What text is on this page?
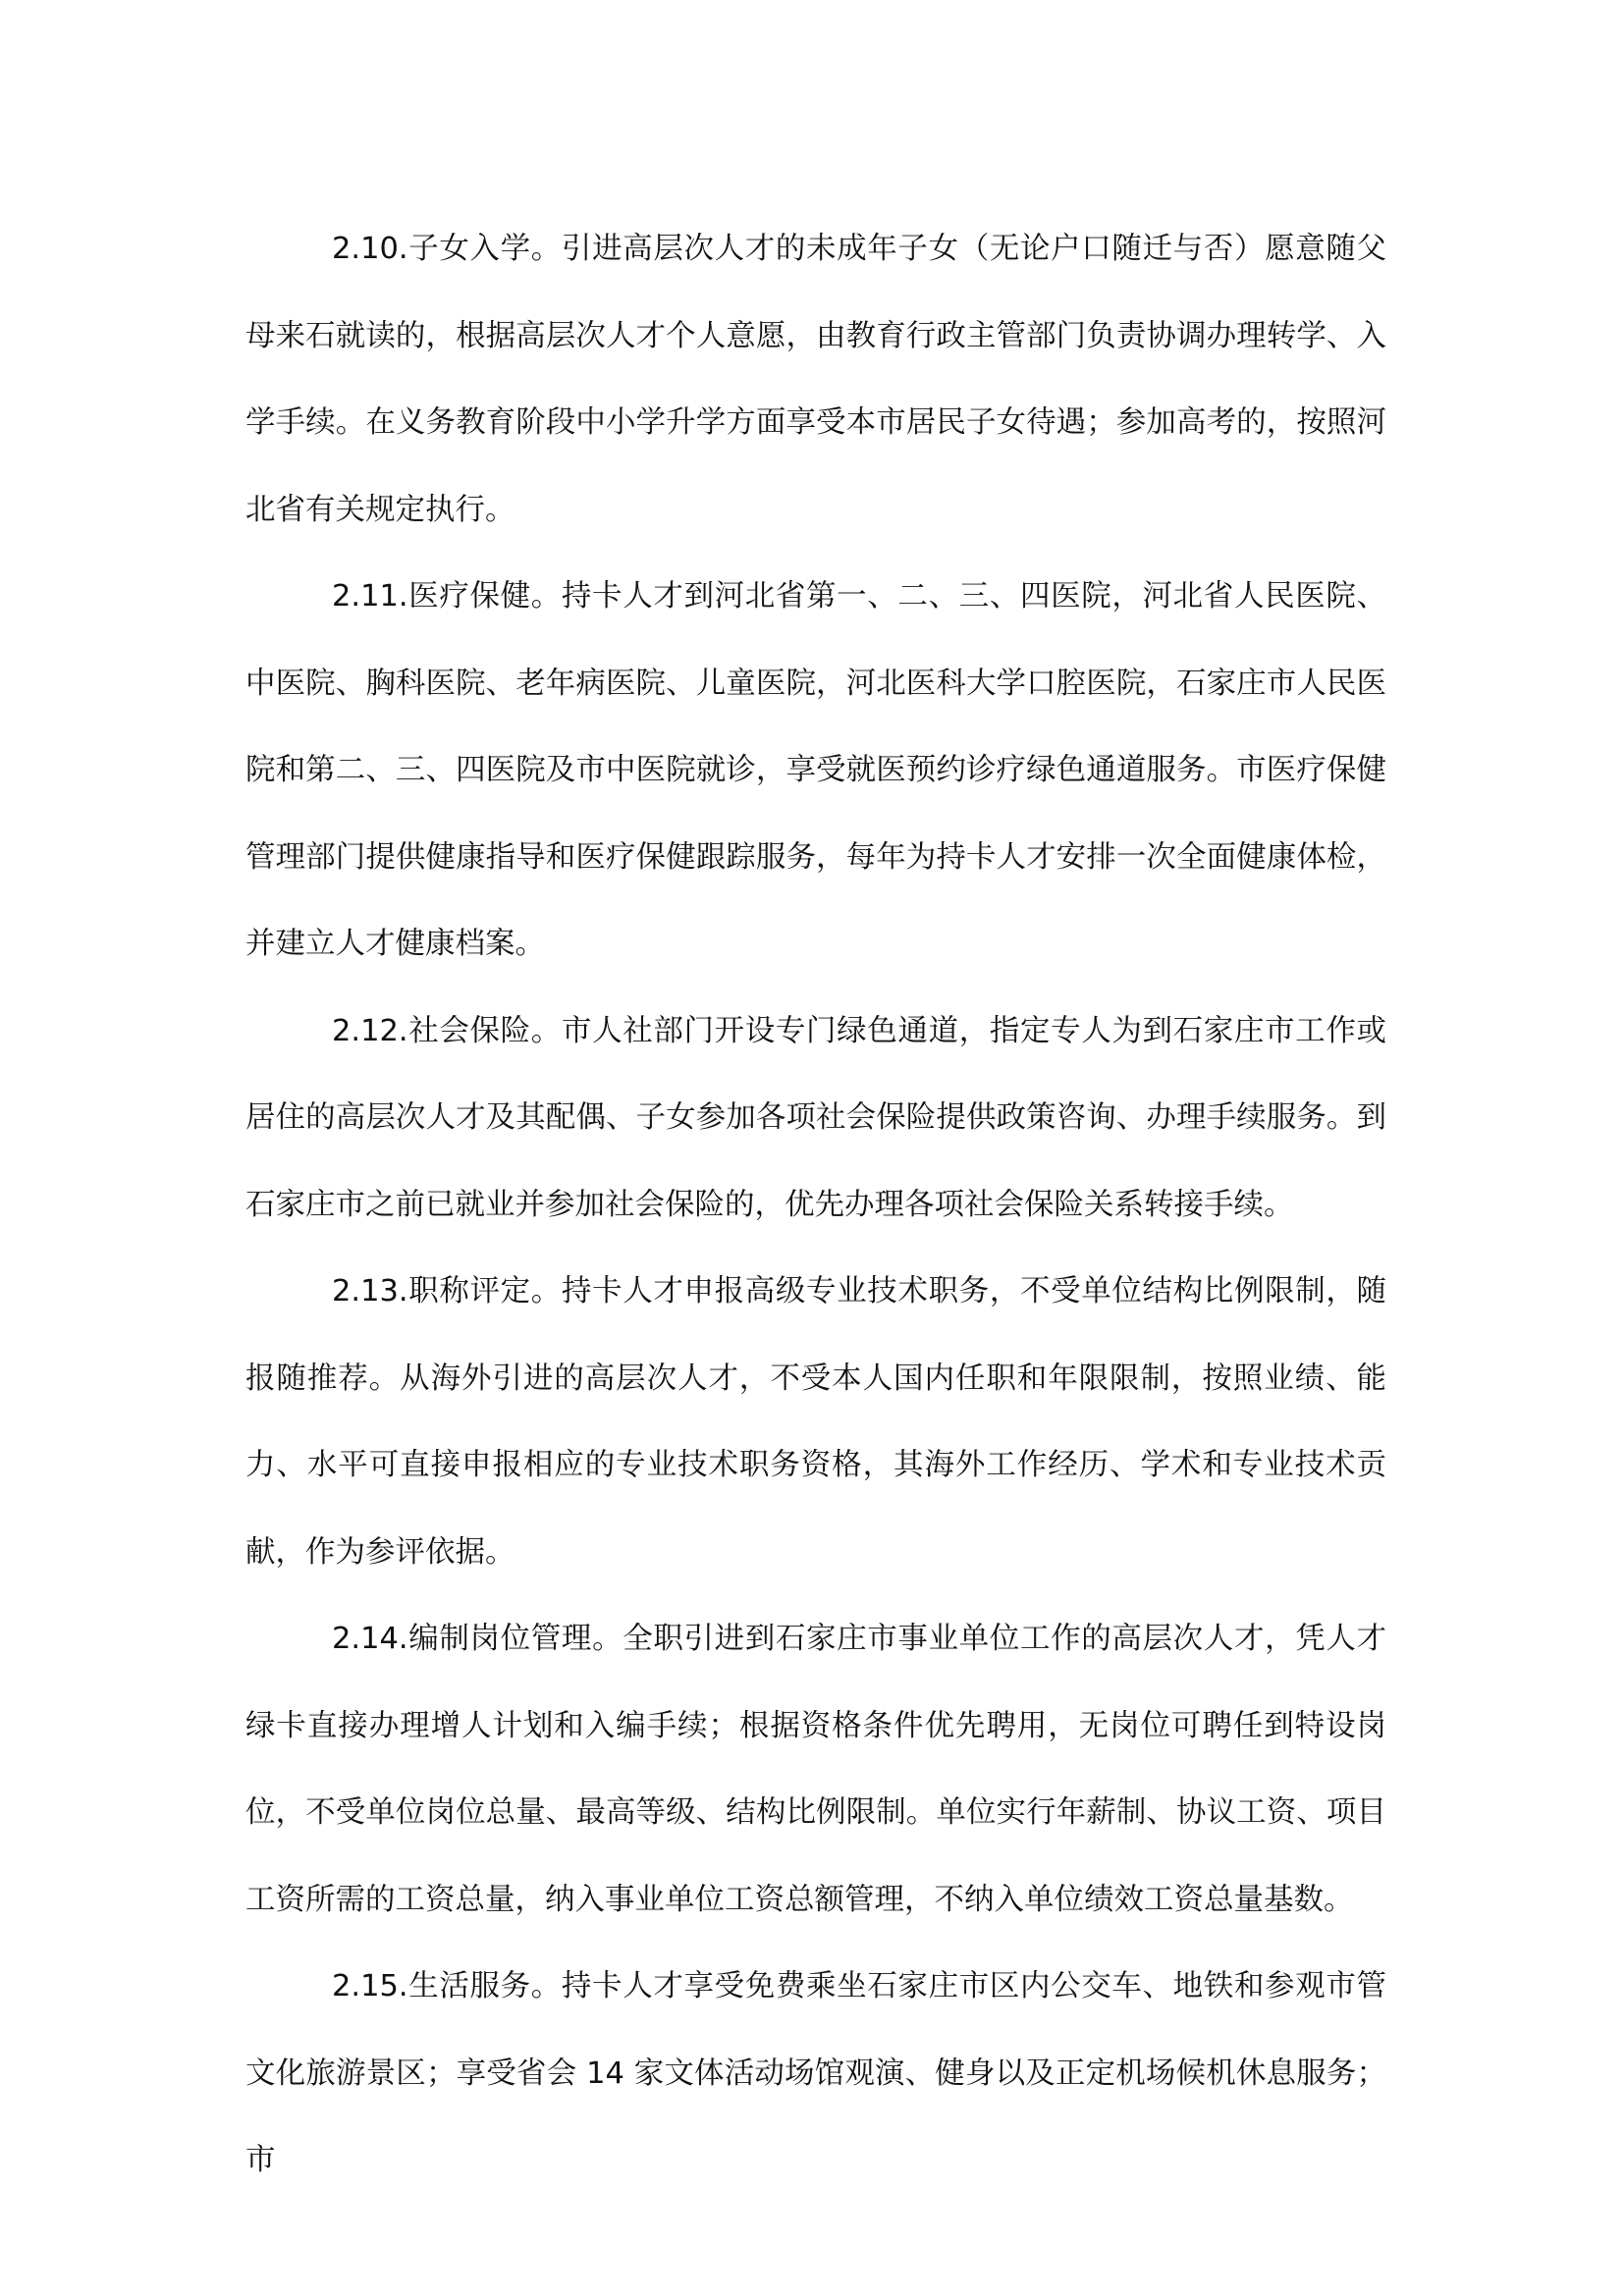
2.10.子女入学。引进高层次人才的未成年子女（无论户口随迁与否）愿意随父母来石就读的，根据高层次人才个人意愿，由教育行政主管部门负责协调办理转学、入学手续。在义务教育阶段中小学升学方面享受本市居民子女待遇；参加高考的，按照河北省有关规定执行。

2.11.医疗保健。持卡人才到河北省第一、二、三、四医院，河北省人民医院、中医院、胸科医院、老年病医院、儿童医院，河北医科大学口腔医院，石家庄市人民医院和第二、三、四医院及市中医院就诊，享受就医预约诊疗绿色通道服务。市医疗保健管理部门提供健康指导和医疗保健跟踪服务，每年为持卡人才安排一次全面健康体检，并建立人才健康档案。

2.12.社会保险。市人社部门开设专门绿色通道，指定专人为到石家庄市工作或居住的高层次人才及其配偶、子女参加各项社会保险提供政策咨询、办理手续服务。到石家庄市之前已就业并参加社会保险的，优先办理各项社会保险关系转接手续。

2.13.职称评定。持卡人才申报高级专业技术职务，不受单位结构比例限制，随报随推荐。从海外引进的高层次人才，不受本人国内任职和年限限制，按照业绩、能力、水平可直接申报相应的专业技术职务资格，其海外工作经历、学术和专业技术贡献，作为参评依据。

2.14.编制岗位管理。全职引进到石家庄市事业单位工作的高层次人才，凭人才绿卡直接办理增人计划和入编手续；根据资格条件优先聘用，无岗位可聘任到特设岗位，不受单位岗位总量、最高等级、结构比例限制。单位实行年薪制、协议工资、项目工资所需的工资总量，纳入事业单位工资总额管理，不纳入单位绩效工资总量基数。

2.15.生活服务。持卡人才享受免费乘坐石家庄市区内公交车、地铁和参观市管文化旅游景区；享受省会 14 家文体活动场馆观演、健身以及正定机场候机休息服务；市
